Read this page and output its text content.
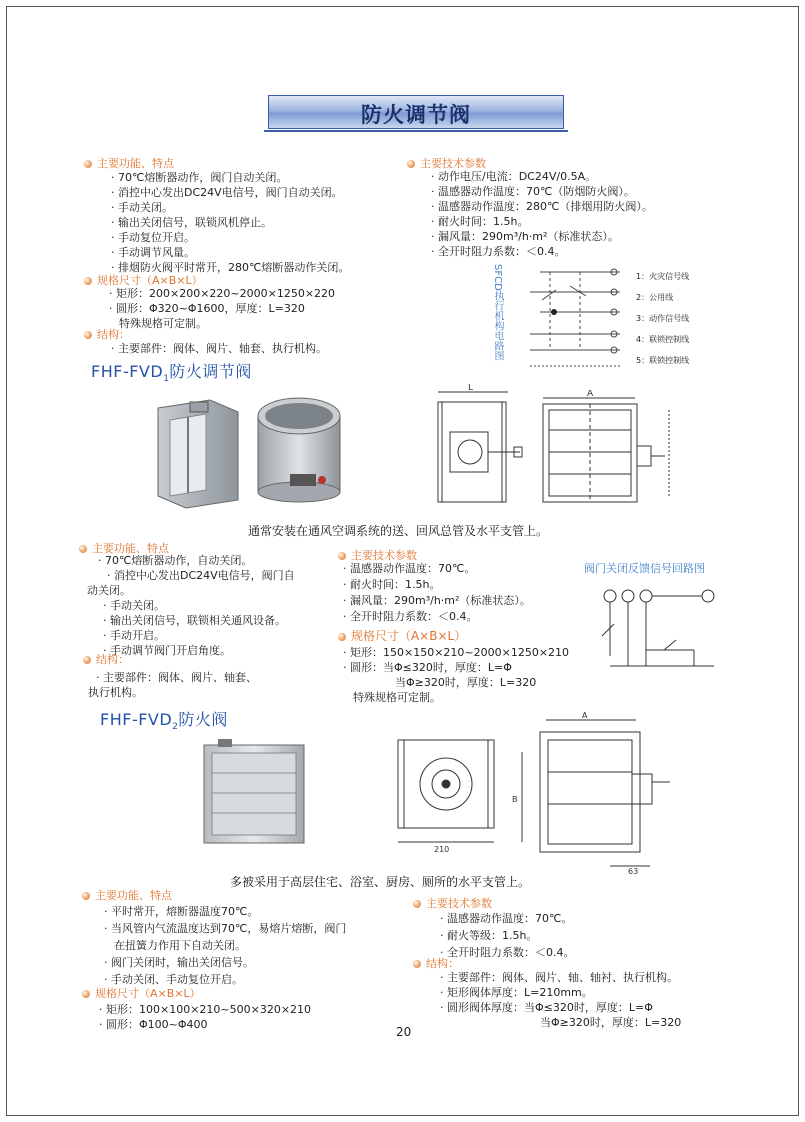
防火调节阀
主要功能、特点
· 70℃熔断器动作，阀门自动关闭。
· 消控中心发出DC24V电信号，阀门自动关闭。
· 手动关闭。
· 输出关闭信号，联锁风机停止。
· 手动复位开启。
· 手动调节风量。
· 排烟防火阀平时常开，280℃熔断器动作关闭。
规格尺寸（A×B×L）
· 矩形：200×200×220~2000×1250×220
· 圆形：Φ320~Φ1600，厚度：L=320
特殊规格可定制。
结构：
· 主要部件：阀体、阀片、轴套、执行机构。
主要技术参数
· 动作电压/电流：DC24V/0.5A。
· 温感器动作温度：70℃（防烟防火阀）。
· 温感器动作温度：280℃（排烟用防火阀）。
· 耐火时间：1.5h。
· 漏风量：290m³/h·m²（标准状态）。
· 全开时阻力系数：＜0.4。
SFCD执行机构电路图	1：火灾信号线
2：公用线
3：动作信号线
4：联锁控制线
5：联锁控制线
FHF-$FVD_1$防火调节阀
L
A
通常安装在通风空调系统的送、回风总管及水平支管上。
主要功能、特点
· 70℃熔断器动作，自动关闭。
· 消控中心发出DC24V电信号，阀门自
动关闭。
· 手动关闭。
· 输出关闭信号，联锁相关通风设备。
· 手动开启。
· 手动调节阀门开启角度。
结构：
· 主要部件：阀体、阀片、轴套、
执行机构。
主要技术参数
· 温感器动作温度：70℃。
· 耐火时间：1.5h。
· 漏风量：290m³/h·m²（标准状态）。
· 全开时阻力系数：＜0.4。
规格尺寸（A×B×L）
· 矩形：150×150×210~2000×1250×210
· 圆形：当Φ≤320时，厚度：L=Φ
当Φ≥320时，厚度：L=320
特殊规格可定制。
阀门关闭反馈信号回路图
FHF-$FVD_2$防火阀
210
A
B
63
多被采用于高层住宅、浴室、厨房、厕所的水平支管上。
主要功能、特点
· 平时常开，熔断器温度70℃。
· 当风管内气流温度达到70℃，易熔片熔断，阀门
在扭簧力作用下自动关闭。
· 阀门关闭时，输出关闭信号。
· 手动关闭、手动复位开启。
规格尺寸（A×B×L）
· 矩形：100×100×210~500×320×210
· 圆形：Φ100~Φ400
主要技术参数
· 温感器动作温度：70℃。
· 耐火等级：1.5h。
· 全开时阻力系数：＜0.4。
结构：
· 主要部件：阀体、阀片、轴、轴衬、执行机构。
· 矩形阀体厚度：L=210mm。
· 圆形阀体厚度：当Φ≤320时，厚度：L=Φ
当Φ≥320时，厚度：L=320
20
